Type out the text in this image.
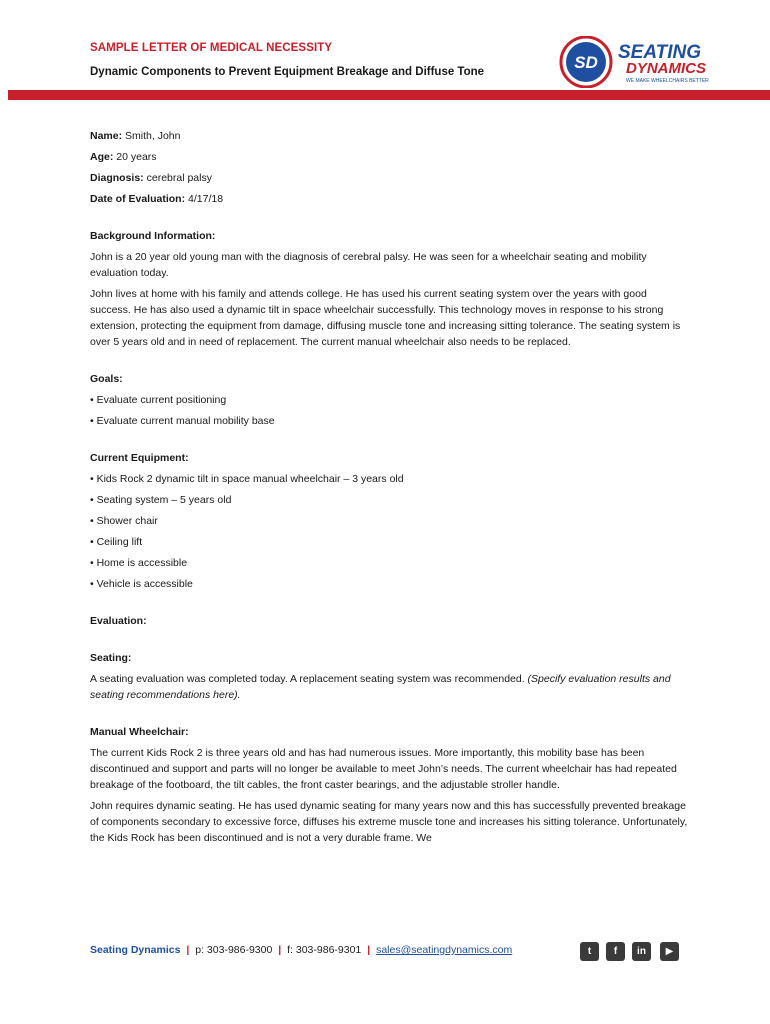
SAMPLE LETTER OF MEDICAL NECESSITY
Dynamic Components to Prevent Equipment Breakage and Diffuse Tone	SD SEATING
DYNAMICS
WE MAKE WHEELCHAIRS BETTER
Name: Smith, John
Age: 20 years
Diagnosis: cerebral palsy
Date of Evaluation: 4/17/18
Background Information:

John is a 20 year old young man with the diagnosis of cerebral palsy. He was seen for a wheelchair seating and mobility evaluation today.

John lives at home with his family and attends college. He has used his current seating system over the years with good success. He has also used a dynamic tilt in space wheelchair successfully. This technology moves in response to his strong extension, protecting the equipment from damage, diffusing muscle tone and increasing sitting tolerance. The seating system is over 5 years old and in need of replacement. The current manual wheelchair also needs to be replaced.

Goals:
• Evaluate current positioning
• Evaluate current manual mobility base
Current Equipment:
• Kids Rock 2 dynamic tilt in space manual wheelchair – 3 years old
• Seating system – 5 years old
• Shower chair
• Ceiling lift
• Home is accessible
• Vehicle is accessible
Evaluation:
Seating:

A seating evaluation was completed today. A replacement seating system was recommended. (Specify evaluation results and seating recommendations here).

Manual Wheelchair:

The current Kids Rock 2 is three years old and has had numerous issues. More importantly, this mobility base has been discontinued and support and parts will no longer be available to meet John’s needs. The current wheelchair has had repeated breakage of the footboard, the tilt cables, the front caster bearings, and the adjustable stroller handle.

John requires dynamic seating. He has used dynamic seating for many years now and this has successfully prevented breakage of components secondary to excessive force, diffuses his extreme muscle tone and increases his sitting tolerance. Unfortunately, the Kids Rock has been discontinued and is not a very durable frame. We

Seating Dynamics | p: 303-986-9300 | f: 303-986-9301 | sales@seatingdynamics.com	t	f	in	▶
